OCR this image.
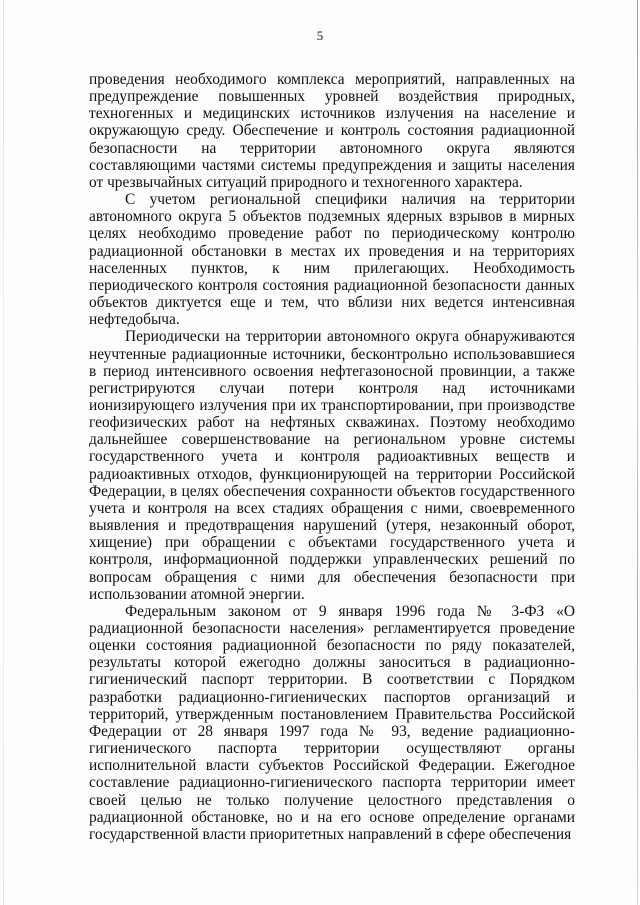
5

проведения необходимого комплекса мероприятий, направленных на предупреждение повышенных уровней воздействия природных, техногенных и медицинских источников излучения на население и окружающую среду. Обеспечение и контроль состояния радиационной безопасности на территории автономного округа являются составляющими частями системы предупреждения и защиты населения от чрезвычайных ситуаций природного и техногенного характера.

С учетом региональной специфики наличия на территории автономного округа 5 объектов подземных ядерных взрывов в мирных целях необходимо проведение работ по периодическому контролю радиационной обстановки в местах их проведения и на территориях населенных пунктов, к ним прилегающих. Необходимость периодического контроля состояния радиационной безопасности данных объектов диктуется еще и тем, что вблизи них ведется интенсивная нефтедобыча.

Периодически на территории автономного округа обнаруживаются неучтенные радиационные источники, бесконтрольно использовавшиеся в период интенсивного освоения нефтегазоносной провинции, а также регистрируются случаи потери контроля над источниками ионизирующего излучения при их транспортировании, при производстве геофизических работ на нефтяных скважинах. Поэтому необходимо дальнейшее совершенствование на региональном уровне системы государственного учета и контроля радиоактивных веществ и радиоактивных отходов, функционирующей на территории Российской Федерации, в целях обеспечения сохранности объектов государственного учета и контроля на всех стадиях обращения с ними, своевременного выявления и предотвращения нарушений (утеря, незаконный оборот, хищение) при обращении с объектами государственного учета и контроля, информационной поддержки управленческих решений по вопросам обращения с ними для обеспечения безопасности при использовании атомной энергии.

Федеральным законом от 9 января 1996 года № 3-ФЗ «О радиационной безопасности населения» регламентируется проведение оценки состояния радиационной безопасности по ряду показателей, результаты которой ежегодно должны заноситься в радиационно-гигиенический паспорт территории. В соответствии с Порядком разработки радиационно-гигиенических паспортов организаций и территорий, утвержденным постановлением Правительства Российской Федерации от 28 января 1997 года № 93, ведение радиационно-гигиенического паспорта территории осуществляют органы исполнительной власти субъектов Российской Федерации. Ежегодное составление радиационно-гигиенического паспорта территории имеет своей целью не только получение целостного представления о радиационной обстановке, но и на его основе определение органами государственной власти приоритетных направлений в сфере обеспечения
